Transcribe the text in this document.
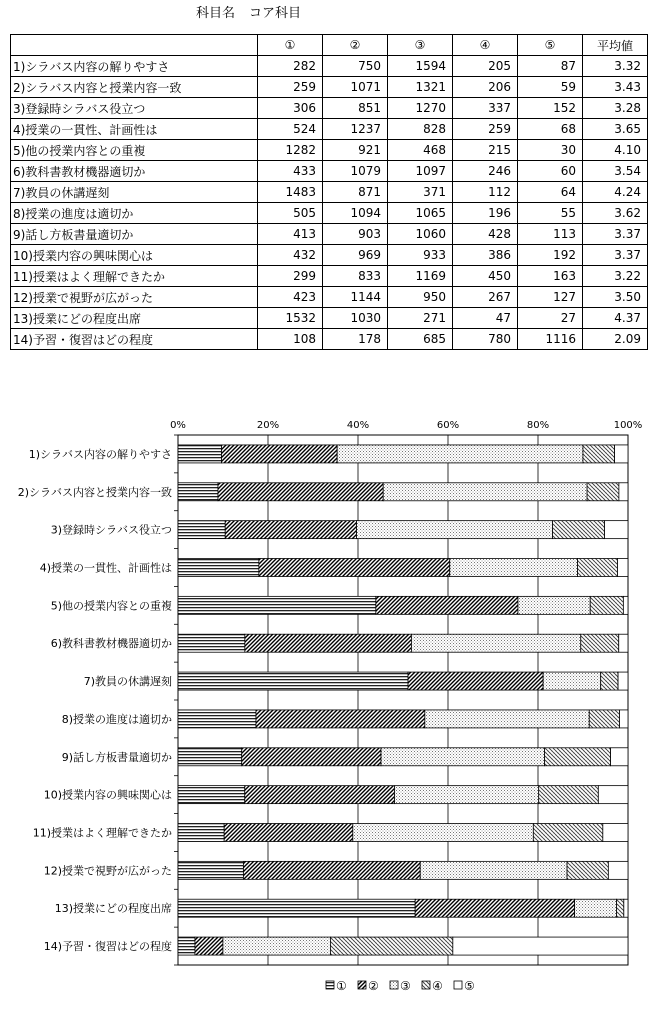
科目名 コア科目
	①	②	③	④	⑤	平均値
1)シラバス内容の解りやすさ	282	750	1594	205	87	3.32
2)シラバス内容と授業内容一致	259	1071	1321	206	59	3.43
3)登録時シラバス役立つ	306	851	1270	337	152	3.28
4)授業の一貫性、計画性は	524	1237	828	259	68	3.65
5)他の授業内容との重複	1282	921	468	215	30	4.10
6)教科書教材機器適切か	433	1079	1097	246	60	3.54
7)教員の休講遅刻	1483	871	371	112	64	4.24
8)授業の進度は適切か	505	1094	1065	196	55	3.62
9)話し方板書量適切か	413	903	1060	428	113	3.37
10)授業内容の興味関心は	432	969	933	386	192	3.37
11)授業はよく理解できたか	299	833	1169	450	163	3.22
12)授業で視野が広がった	423	1144	950	267	127	3.50
13)授業にどの程度出席	1532	1030	271	47	27	4.37
14)予習・復習はどの程度	108	178	685	780	1116	2.09
0%	20%	40%	60%	80%	100%
1)シラバス内容の解りやすさ
2)シラバス内容と授業内容一致
3)登録時シラバス役立つ
4)授業の一貫性、計画性は
5)他の授業内容との重複
6)教科書教材機器適切か
7)教員の休講遅刻
8)授業の進度は適切か
9)話し方板書量適切か
10)授業内容の興味関心は
11)授業はよく理解できたか
12)授業で視野が広がった
13)授業にどの程度出席
14)予習・復習はどの程度
① ② ③ ④ ⑤
